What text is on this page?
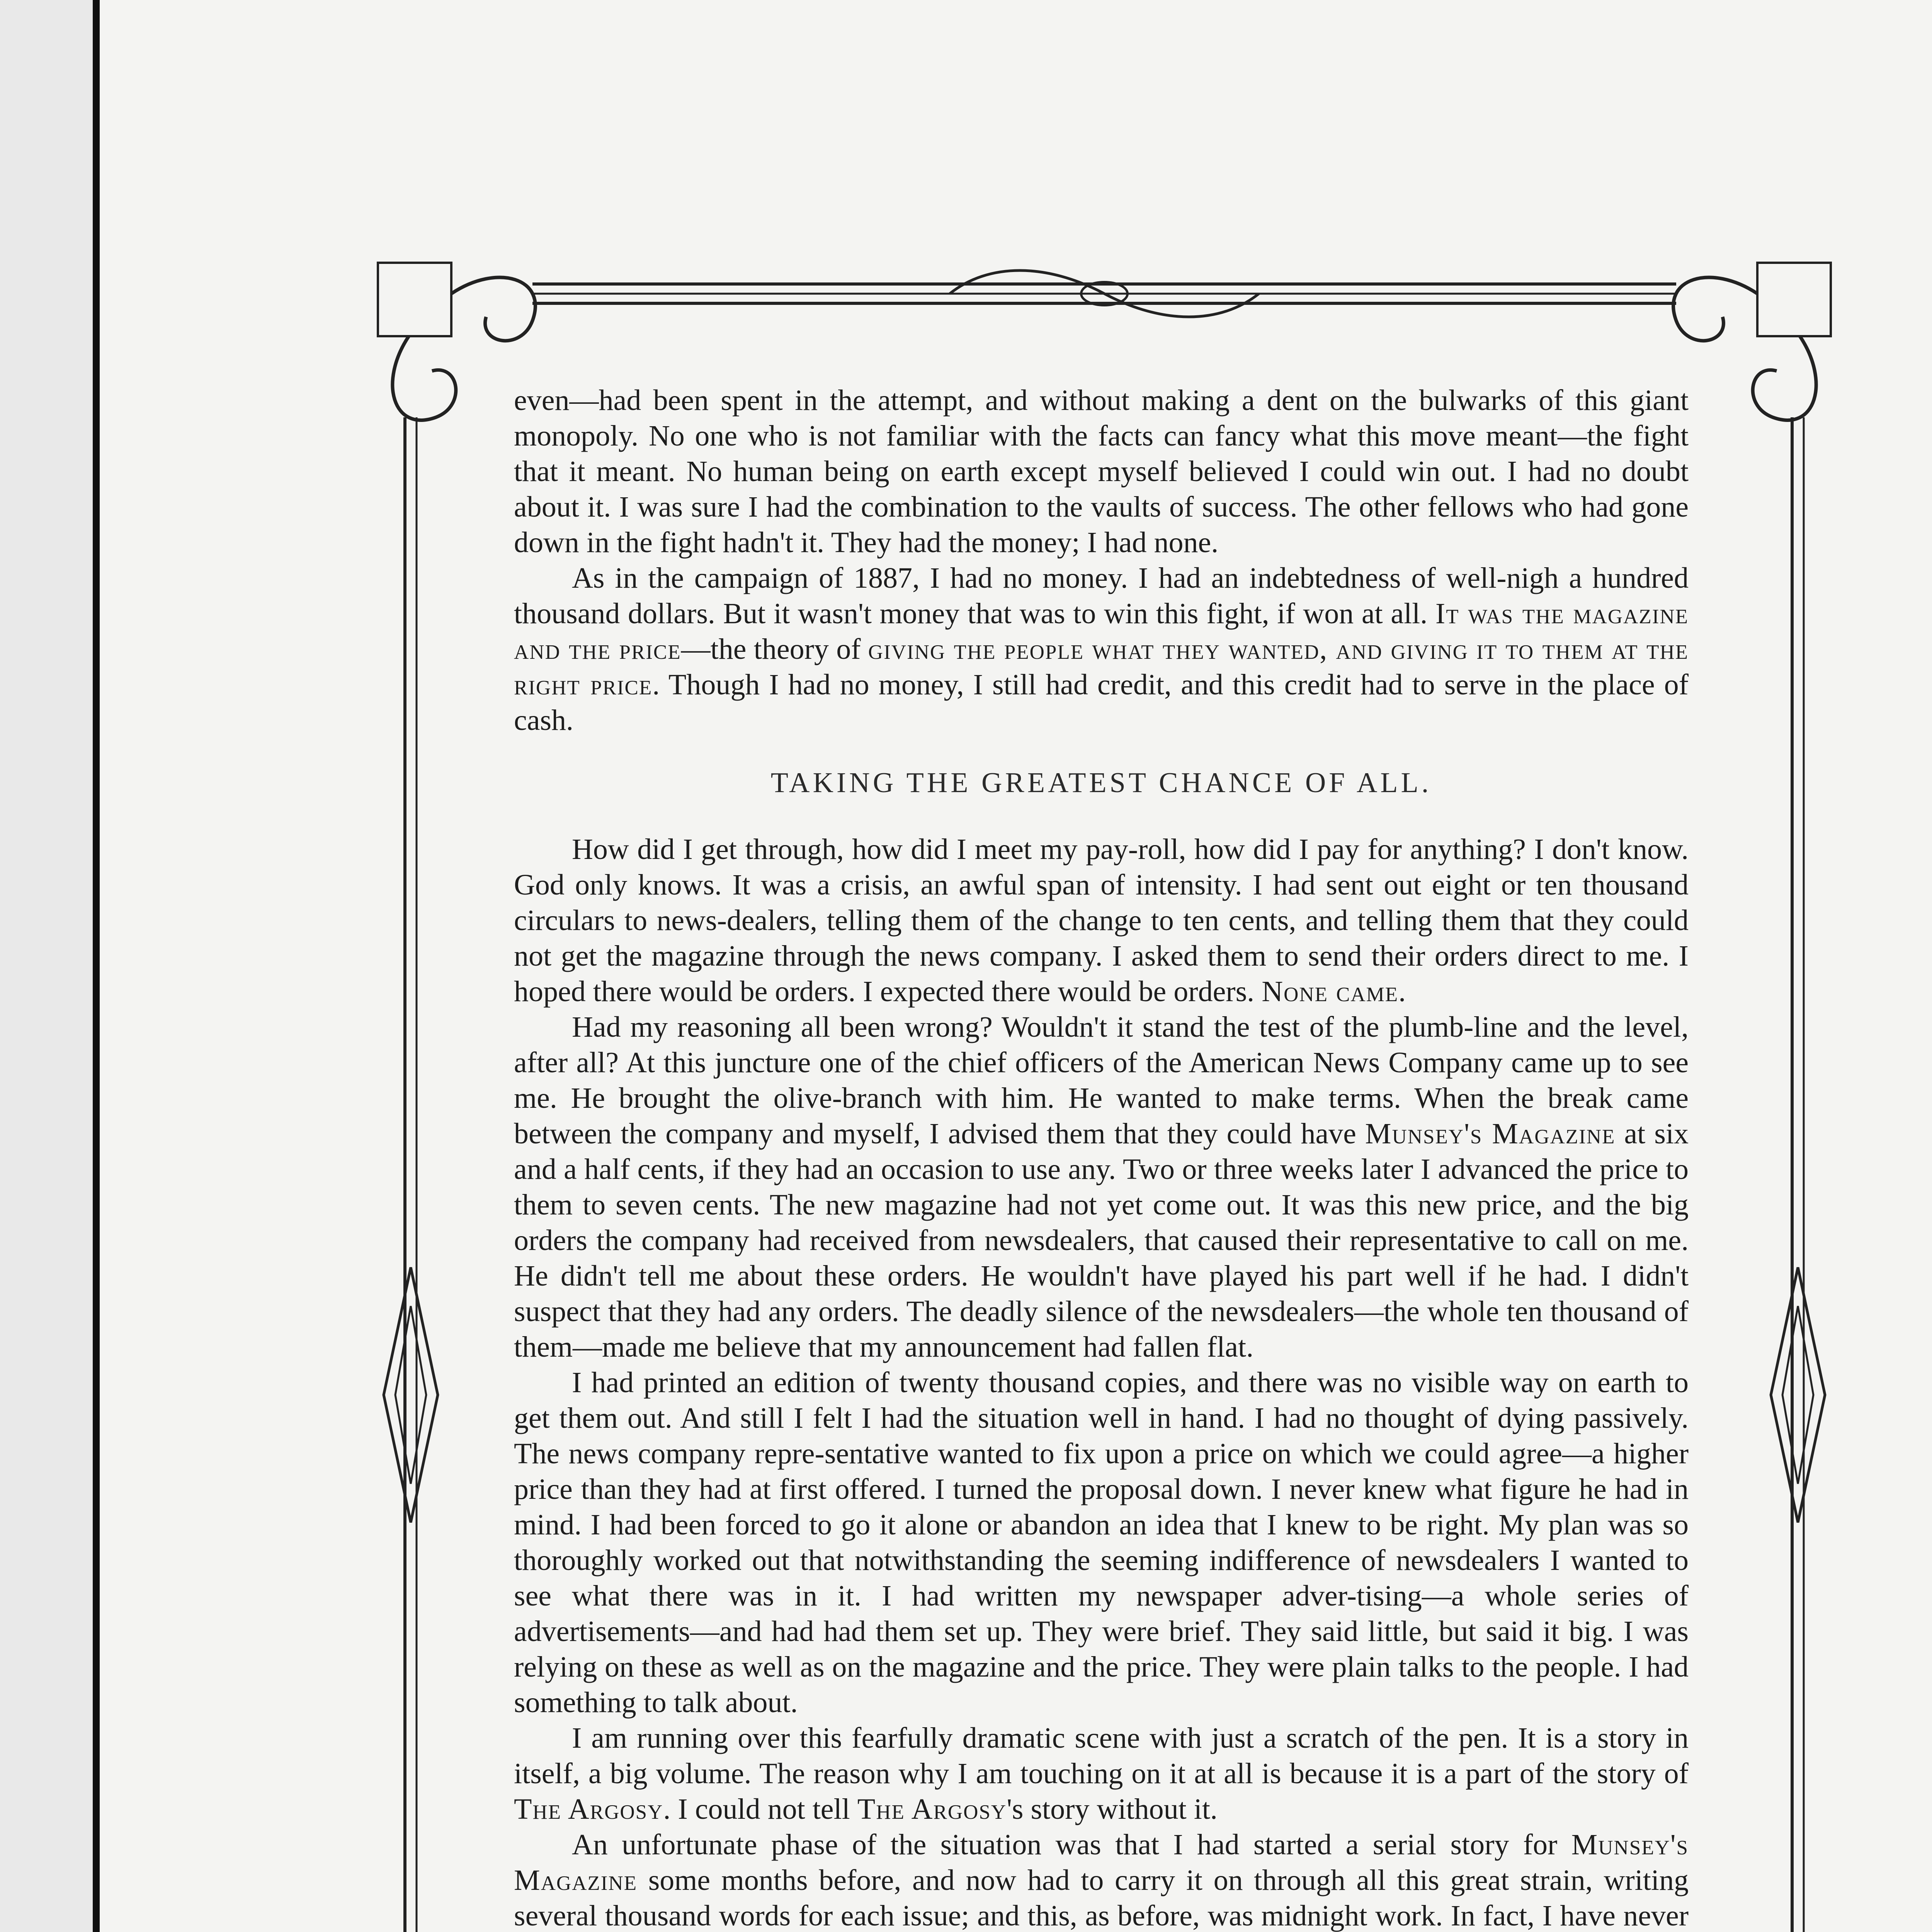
even—had been spent in the attempt, and without making a dent on the bulwarks of this giant monopoly. No one who is not familiar with the facts can fancy what this move meant—the fight that it meant. No human being on earth except myself believed I could win out. I had no doubt about it. I was sure I had the combination to the vaults of success. The other fellows who had gone down in the fight hadn't it. They had the money; I had none.

As in the campaign of 1887, I had no money. I had an indebtedness of well-nigh a hundred thousand dollars. But it wasn't money that was to win this fight, if won at all. It was the magazine and the price—the theory of giving the people what they wanted, and giving it to them at the right price. Though I had no money, I still had credit, and this credit had to serve in the place of cash.

TAKING THE GREATEST CHANCE OF ALL.

How did I get through, how did I meet my pay-roll, how did I pay for anything? I don't know. God only knows. It was a crisis, an awful span of intensity. I had sent out eight or ten thousand circulars to news-dealers, telling them of the change to ten cents, and telling them that they could not get the magazine through the news company. I asked them to send their orders direct to me. I hoped there would be orders. I expected there would be orders. None came.

Had my reasoning all been wrong? Wouldn't it stand the test of the plumb-line and the level, after all? At this juncture one of the chief officers of the American News Company came up to see me. He brought the olive-branch with him. He wanted to make terms. When the break came between the company and myself, I advised them that they could have Munsey's Magazine at six and a half cents, if they had an occasion to use any. Two or three weeks later I advanced the price to them to seven cents. The new magazine had not yet come out. It was this new price, and the big orders the company had received from newsdealers, that caused their representative to call on me. He didn't tell me about these orders. He wouldn't have played his part well if he had. I didn't suspect that they had any orders. The deadly silence of the newsdealers—the whole ten thousand of them—made me believe that my announcement had fallen flat.

I had printed an edition of twenty thousand copies, and there was no visible way on earth to get them out. And still I felt I had the situation well in hand. I had no thought of dying passively. The news company repre-sentative wanted to fix upon a price on which we could agree—a higher price than they had at first offered. I turned the proposal down. I never knew what figure he had in mind. I had been forced to go it alone or abandon an idea that I knew to be right. My plan was so thoroughly worked out that notwithstanding the seeming indifference of newsdealers I wanted to see what there was in it. I had written my newspaper adver-tising—a whole series of advertisements—and had had them set up. They were brief. They said little, but said it big. I was relying on these as well as on the magazine and the price. They were plain talks to the people. I had something to talk about.

I am running over this fearfully dramatic scene with just a scratch of the pen. It is a story in itself, a big volume. The reason why I am touching on it at all is because it is a part of the story of The Argosy. I could not tell The Argosy's story without it.

An unfortunate phase of the situation was that I had started a serial story for Munsey's Magazine some months before, and now had to carry it on through all this great strain, writing several thousand words for each issue; and this, as before, was midnight work. In fact, I have never
